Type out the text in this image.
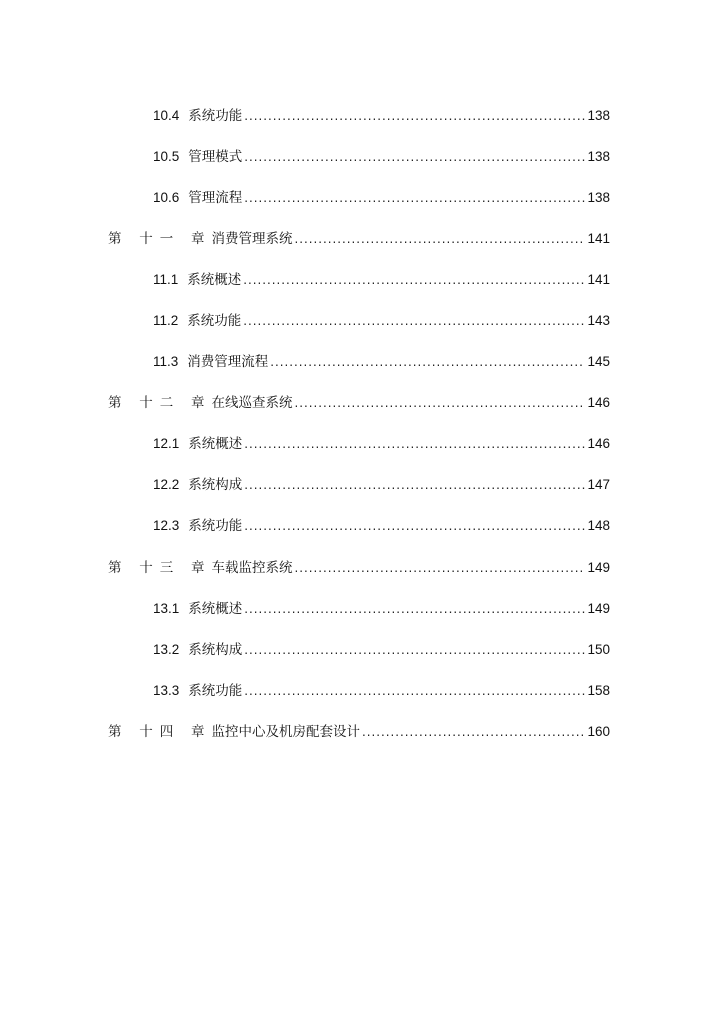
10.4 系统功能 .....	138
10.5 管理模式 .....	138
10.6 管理流程 .....	138
第 十一 章 消费管理系统 .....	141
11.1 系统概述 .....	141
11.2 系统功能 .....	143
11.3 消费管理流程 .....	145
第 十二 章 在线巡查系统 .....	146
12.1 系统概述 .....	146
12.2 系统构成 .....	147
12.3 系统功能 .....	148
第 十三 章 车载监控系统 .....	149
13.1 系统概述 .....	149
13.2 系统构成 .....	150
13.3 系统功能 .....	158
第 十四 章 监控中心及机房配套设计 .....	160
